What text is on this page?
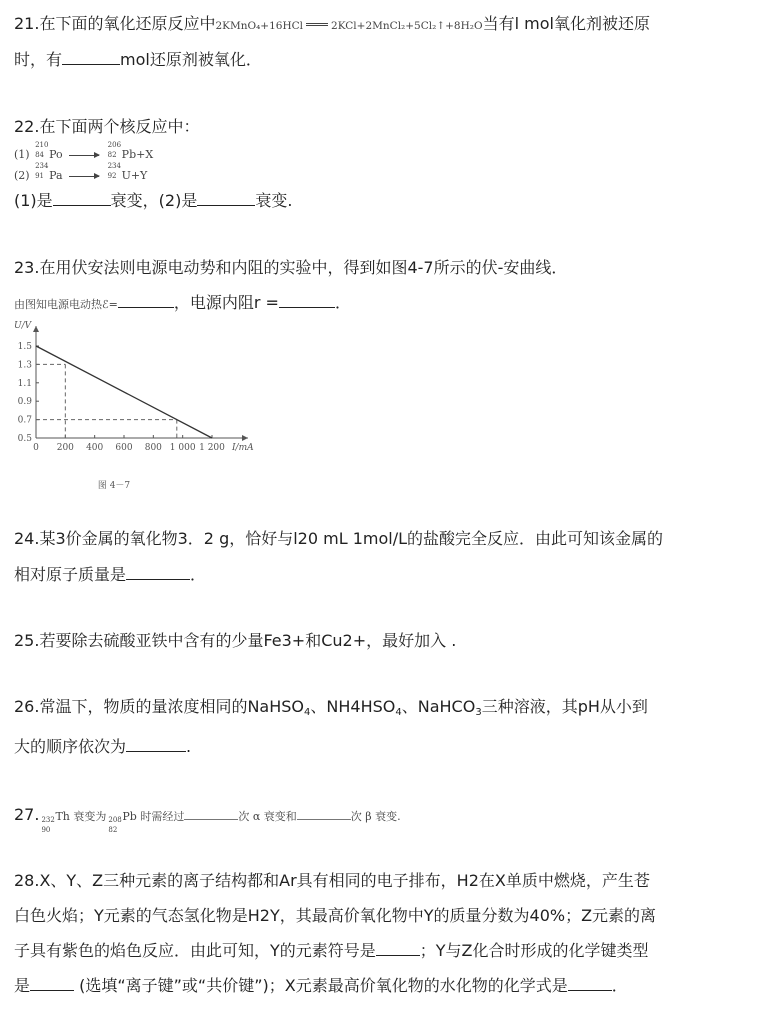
21.在下面的氧化还原反应中2KMnO₄+16HCl	2KCl+2MnCl₂+5Cl₂↑+8H₂O当有l mol氧化剂被还原
时，有	mol还原剂被氧化．
22.在下面两个核反应中：
(1)
210
84 Po
206
82 Pb+X
(2)
234
91 Pa
234
92 U+Y
(1)是	衰变，(2)是	衰变.
23.在用伏安法则电源电动势和内阻的实验中，得到如图4-7所示的伏-安曲线．
由图知电源电动热ℰ=	，电源内阻r =	．
U/V
I/mA
0 200 400 600 800 1 000 1 200
0.5
0.7
0.9
1.1
1.3
1.5
图 4－7
24.某3价金属的氧化物3．2 g，恰好与l20 mL 1mol/L的盐酸完全反应．由此可知该金属的
相对原子质量是	．
25.若要除去硫酸亚铁中含有的少量Fe3+和Cu2+，最好加入 .
26.常温下，物质的量浓度相同的NaHSO$_4$、$NH4HSO_4$、NaHCO$_3$三种溶液，其pH从小到
大的顺序依次为	.
27. 232
90
Th 衰变为 208
82
Pb 时需经过	次 α 衰变和	次 β 衰变.
28.X、Y、Z三种元素的离子结构都和Ar具有相同的电子排布，H2在X单质中燃烧，产生苍
白色火焰；Y元素的气态氢化物是H2Y，其最高价氧化物中Y的质量分数为40%；Z元素的离
子具有紫色的焰色反应．由此可知，Y的元素符号是	；Y与Z化合时形成的化学键类型
是	(选填“离子键”或“共价键”)；X元素最高价氧化物的水化物的化学式是	．
